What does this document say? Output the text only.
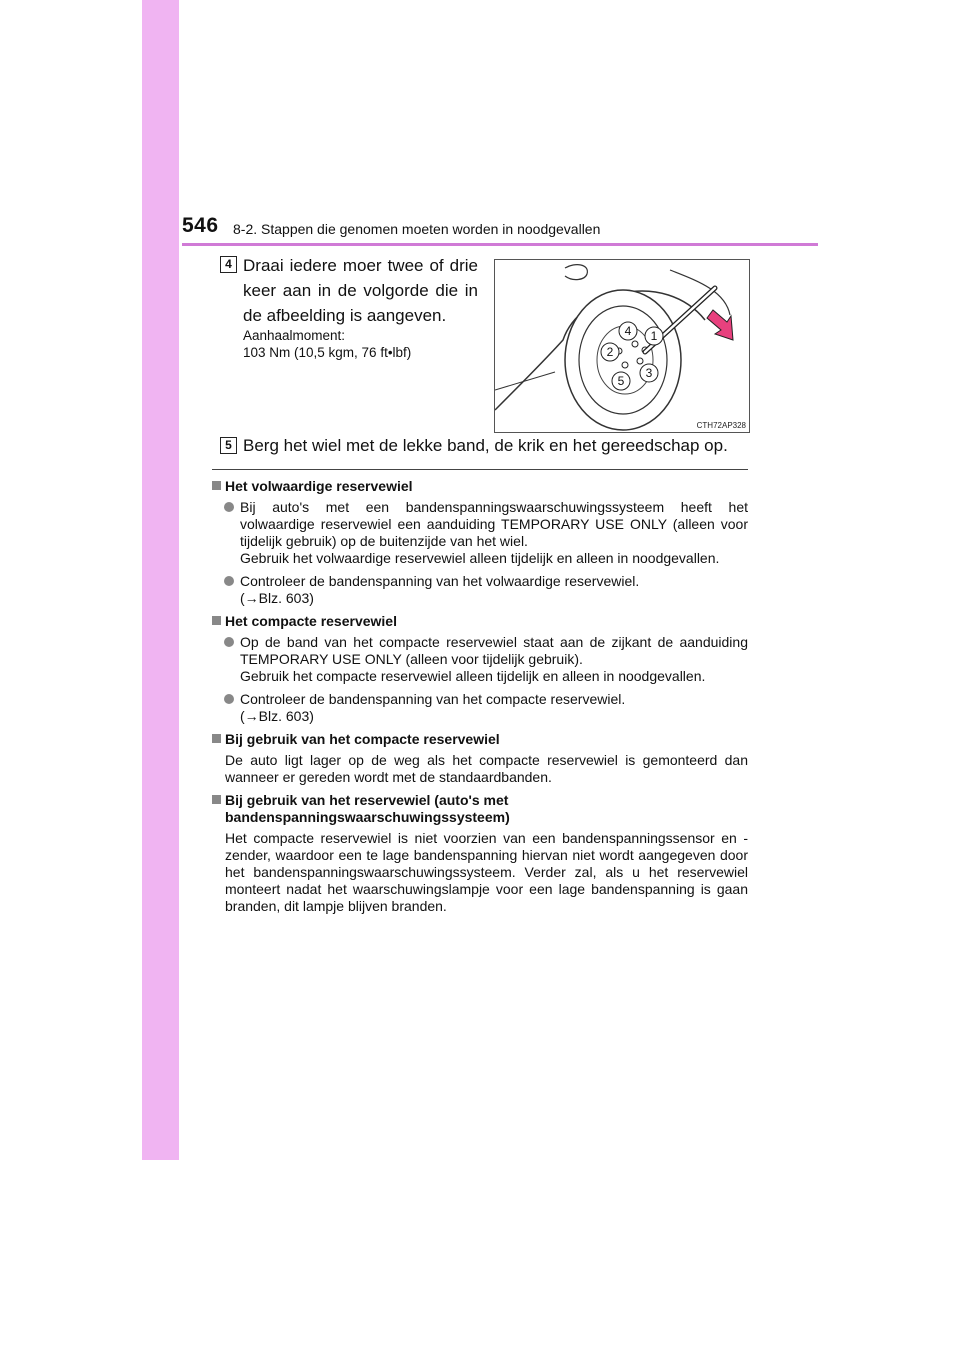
546 8-2. Stappen die genomen moeten worden in noodgevallen
4 Draai iedere moer twee of drie keer aan in de volgorde die in de afbeelding is aangeven.
Aanhaalmoment:
103 Nm (10,5 kgm, 76 ft•lbf)
4 1
2
3
5
CTH72AP328
5 Berg het wiel met de lekke band, de krik en het gereedschap op.
Het volwaardige reservewiel

Bij auto's met een bandenspanningswaarschuwingssysteem heeft het volwaardige reservewiel een aanduiding TEMPORARY USE ONLY (alleen voor tijdelijk gebruik) op de buitenzijde van het wiel.

Gebruik het volwaardige reservewiel alleen tijdelijk en alleen in noodgevallen.

Controleer de bandenspanning van het volwaardige reservewiel.

(→Blz. 603)

Het compacte reservewiel

Op de band van het compacte reservewiel staat aan de zijkant de aanduiding TEMPORARY USE ONLY (alleen voor tijdelijk gebruik).

Gebruik het compacte reservewiel alleen tijdelijk en alleen in noodgevallen.

Controleer de bandenspanning van het compacte reservewiel.

(→Blz. 603)

Bij gebruik van het compacte reservewiel

De auto ligt lager op de weg als het compacte reservewiel is gemonteerd dan wanneer er gereden wordt met de standaardbanden.

Bij gebruik van het reservewiel (auto's met bandenspanningswaarschuwingssysteem)

Het compacte reservewiel is niet voorzien van een bandenspanningssensor en -zender, waardoor een te lage bandenspanning hiervan niet wordt aangegeven door het bandenspanningswaarschuwingssysteem. Verder zal, als u het reservewiel monteert nadat het waarschuwingslampje voor een lage bandenspanning is gaan branden, dit lampje blijven branden.
